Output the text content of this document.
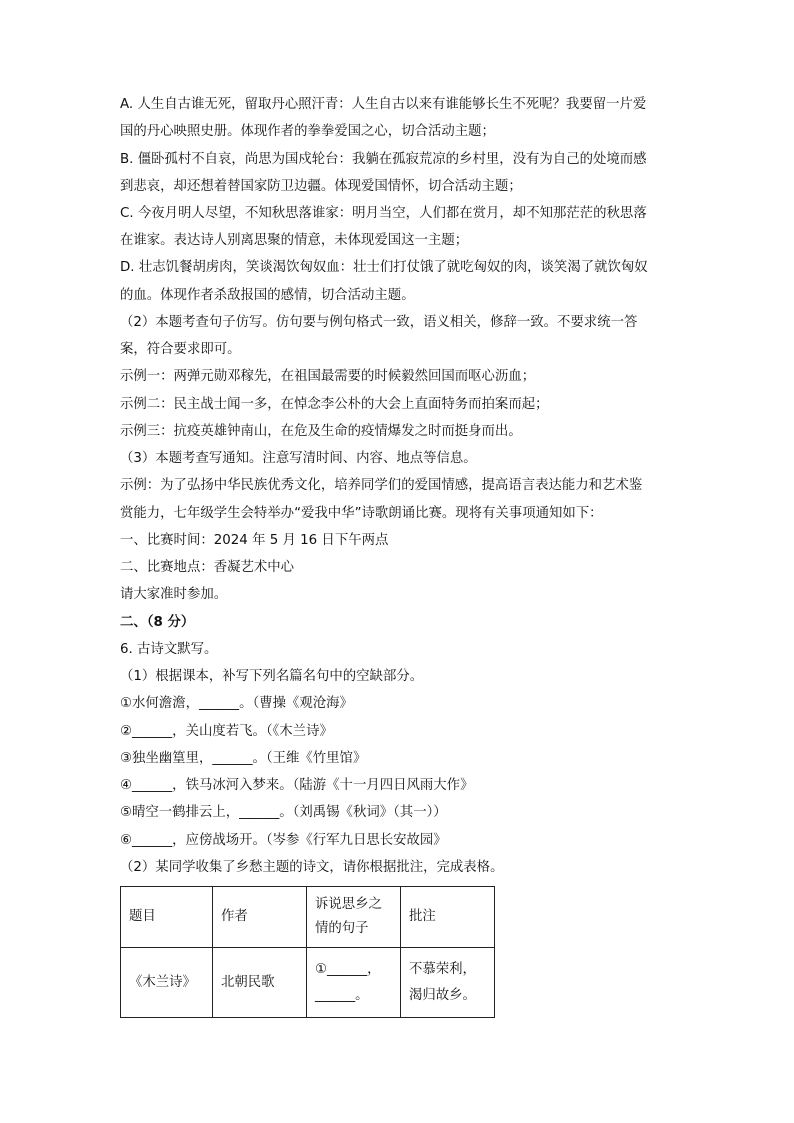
A. 人生自古谁无死，留取丹心照汗青：人生自古以来有谁能够长生不死呢？我要留一片爱
国的丹心映照史册。体现作者的拳拳爱国之心，切合活动主题；
B. 僵卧孤村不自哀，尚思为国戍轮台：我躺在孤寂荒凉的乡村里，没有为自己的处境而感
到悲哀，却还想着替国家防卫边疆。体现爱国情怀，切合活动主题；
C. 今夜月明人尽望，不知秋思落谁家：明月当空，人们都在赏月，却不知那茫茫的秋思落
在谁家。表达诗人别离思聚的情意，未体现爱国这一主题；
D. 壮志饥餐胡虏肉，笑谈渴饮匈奴血：壮士们打仗饿了就吃匈奴的肉，谈笑渴了就饮匈奴
的血。体现作者杀敌报国的感情，切合活动主题。
（2）本题考查句子仿写。仿句要与例句格式一致，语义相关，修辞一致。不要求统一答
案，符合要求即可。
示例一：两弹元勋邓稼先，在祖国最需要的时候毅然回国而呕心沥血；
示例二：民主战士闻一多，在悼念李公朴的大会上直面特务而拍案而起；
示例三：抗疫英雄钟南山，在危及生命的疫情爆发之时而挺身而出。
（3）本题考查写通知。注意写清时间、内容、地点等信息。
示例：为了弘扬中华民族优秀文化，培养同学们的爱国情感，提高语言表达能力和艺术鉴
赏能力，七年级学生会特举办“爱我中华”诗歌朗诵比赛。现将有关事项通知如下：
一、比赛时间：2024 年 5 月 16 日下午两点
二、比赛地点：香凝艺术中心
请大家准时参加。
二、（8 分）
6. 古诗文默写。
（1）根据课本，补写下列名篇名句中的空缺部分。
①水何澹澹，______。（曹操《观沧海》
②______，关山度若飞。（《木兰诗》
③独坐幽篁里，______。（王维《竹里馆》
④______，铁马冰河入梦来。（陆游《十一月四日风雨大作》
⑤晴空一鹤排云上，______。（刘禹锡《秋词》（其一））
⑥______，应傍战场开。（岑参《行军九日思长安故园》
（2）某同学收集了乡愁主题的诗文，请你根据批注，完成表格。
题目	作者	诉说思乡之情的句子	批注
《木兰诗》	北朝民歌	①______，
______。	不慕荣利，渴归故乡。
